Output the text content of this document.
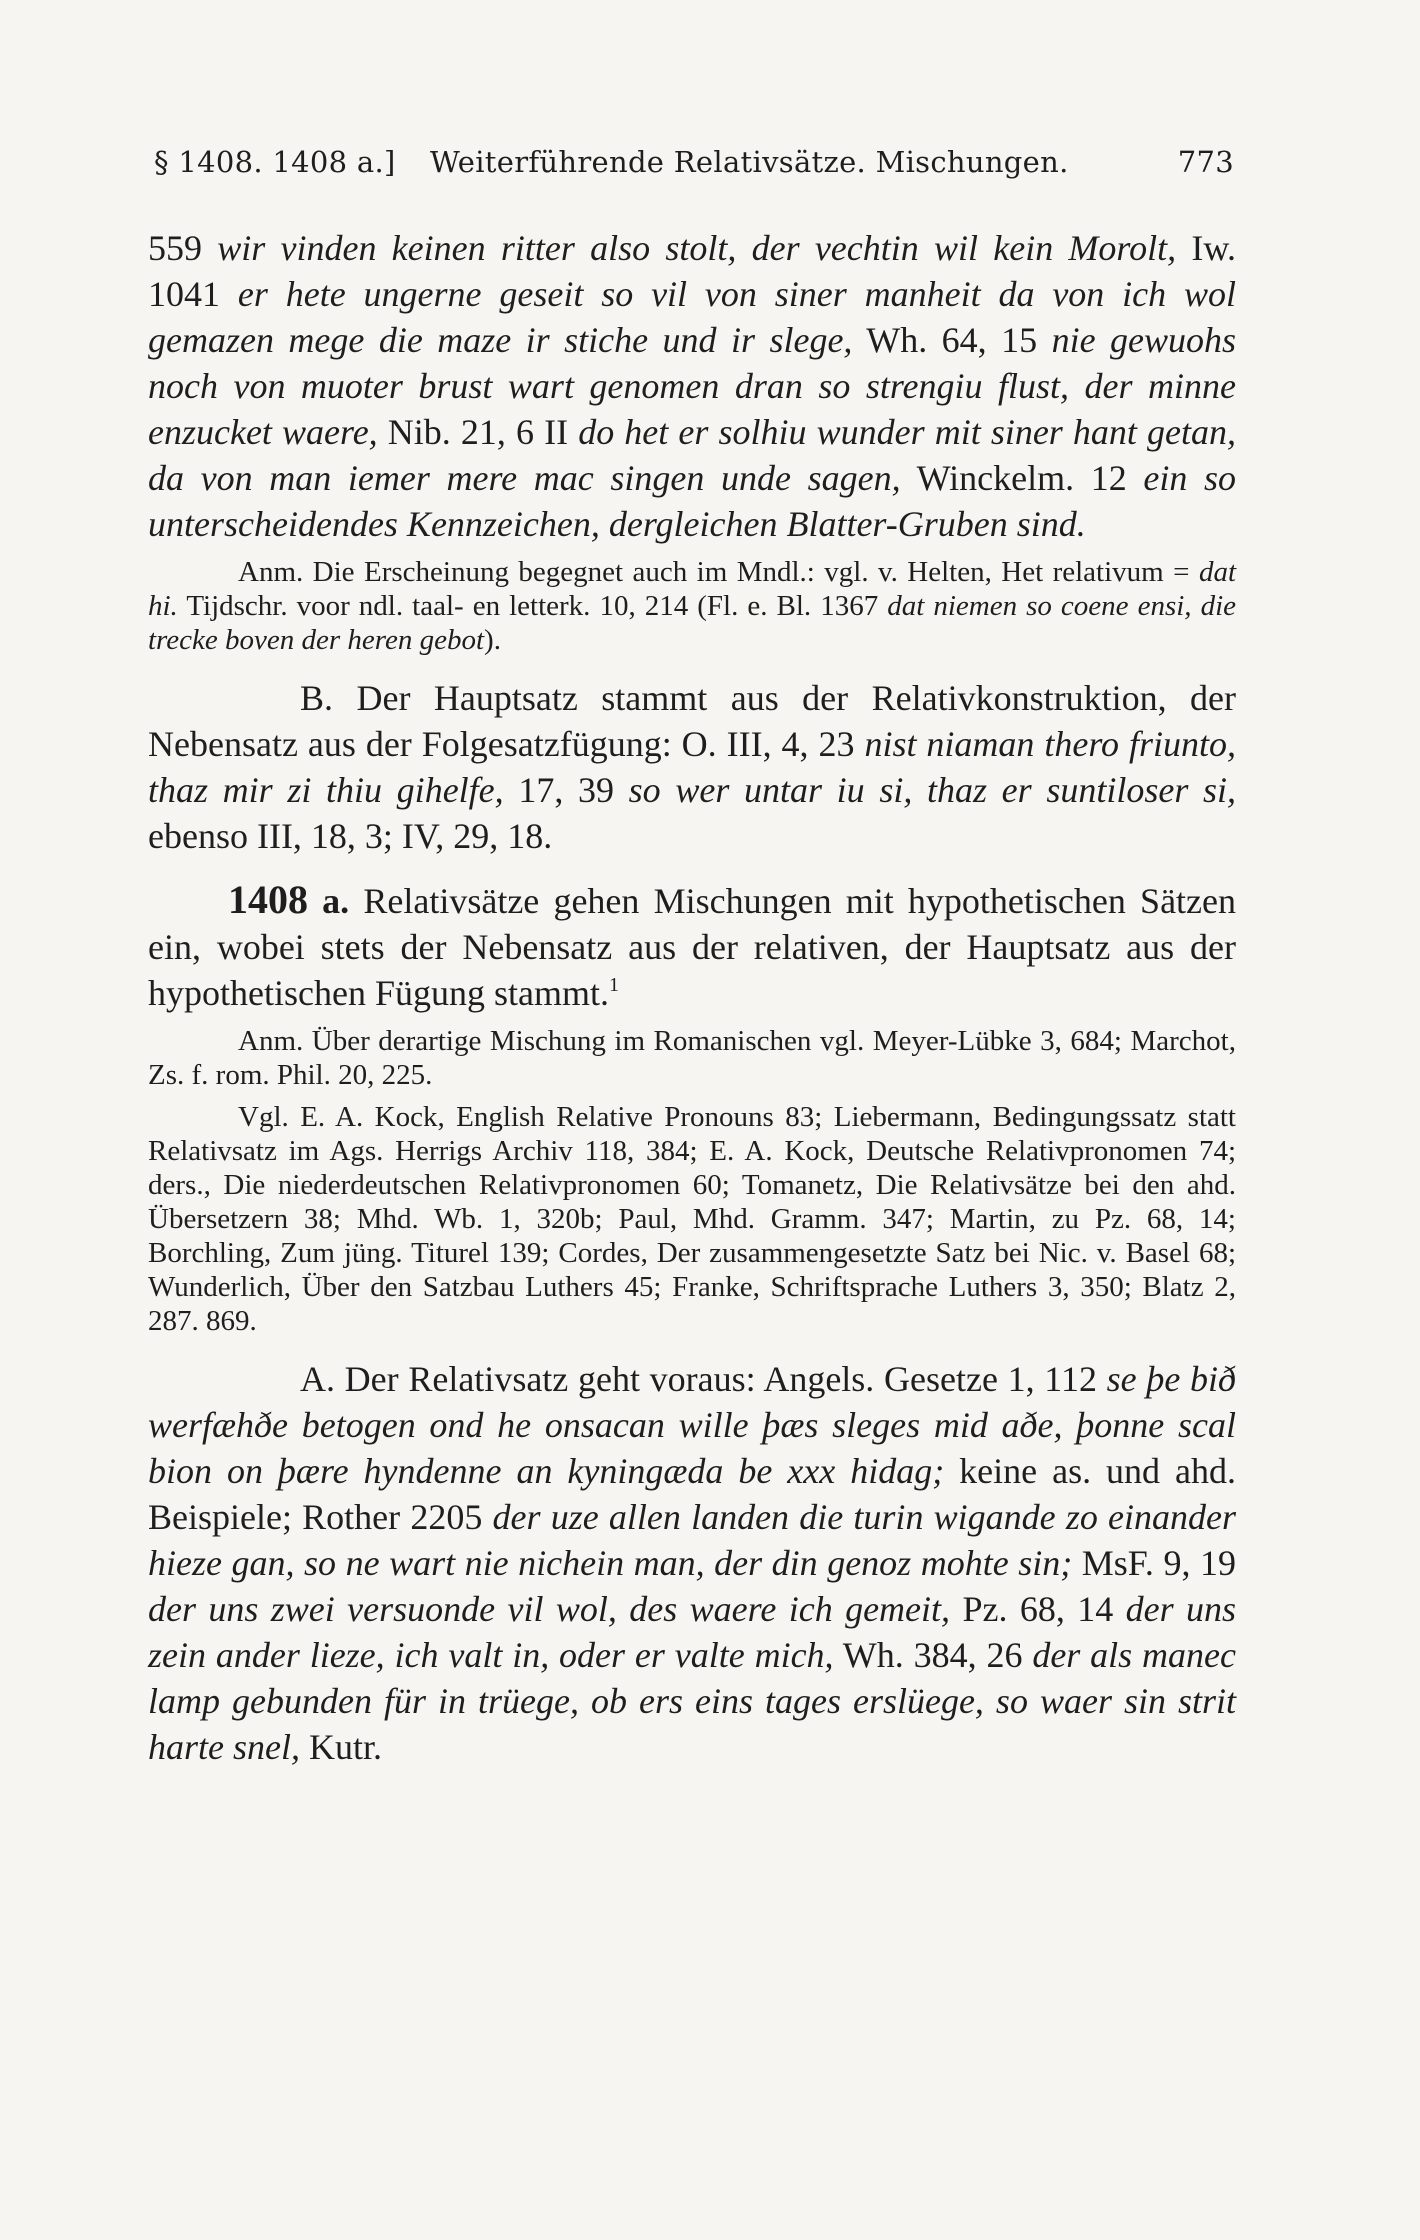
§ 1408. 1408 a.] Weiterführende Relativsätze. Mischungen.	773

559 wir vinden keinen ritter also stolt, der vechtin wil kein Morolt, Iw. 1041 er hete ungerne geseit so vil von siner manheit da von ich wol gemazen mege die maze ir stiche und ir slege, Wh. 64, 15 nie gewuohs noch von muoter brust wart genomen dran so strengiu flust, der minne enzucket waere, Nib. 21, 6 II do het er solhiu wunder mit siner hant getan, da von man iemer mere mac singen unde sagen, Winckelm. 12 ein so unterscheidendes Kennzeichen, dergleichen Blatter-Gruben sind.

Anm. Die Erscheinung begegnet auch im Mndl.: vgl. v. Helten, Het relativum = dat hi. Tijdschr. voor ndl. taal- en letterk. 10, 214 (Fl. e. Bl. 1367 dat niemen so coene ensi, die trecke boven der heren gebot).

B. Der Hauptsatz stammt aus der Relativkonstruktion, der Nebensatz aus der Folgesatzfügung: O. III, 4, 23 nist niaman thero friunto, thaz mir zi thiu gihelfe, 17, 39 so wer untar iu si, thaz er suntiloser si, ebenso III, 18, 3; IV, 29, 18.

1408 a. Relativsätze gehen Mischungen mit hypothetischen Sätzen ein, wobei stets der Nebensatz aus der relativen, der Hauptsatz aus der hypothetischen Fügung stammt.$^1$

Anm. Über derartige Mischung im Romanischen vgl. Meyer-Lübke 3, 684; Marchot, Zs. f. rom. Phil. 20, 225.

Vgl. E. A. Kock, English Relative Pronouns 83; Liebermann, Bedingungssatz statt Relativsatz im Ags. Herrigs Archiv 118, 384; E. A. Kock, Deutsche Relativpronomen 74; ders., Die niederdeutschen Relativpronomen 60; Tomanetz, Die Relativsätze bei den ahd. Übersetzern 38; Mhd. Wb. 1, 320b; Paul, Mhd. Gramm. 347; Martin, zu Pz. 68, 14; Borchling, Zum jüng. Titurel 139; Cordes, Der zusammengesetzte Satz bei Nic. v. Basel 68; Wunderlich, Über den Satzbau Luthers 45; Franke, Schriftsprache Luthers 3, 350; Blatz 2, 287. 869.

A. Der Relativsatz geht voraus: Angels. Gesetze 1, 112 se þe bið werfæhðe betogen ond he onsacan wille þæs sleges mid aðe, þonne scal bion on þære hyndenne an kyningæda be xxx hidag; keine as. und ahd. Beispiele; Rother 2205 der uze allen landen die turin wigande zo einander hieze gan, so ne wart nie nichein man, der din genoz mohte sin; MsF. 9, 19 der uns zwei versuonde vil wol, des waere ich gemeit, Pz. 68, 14 der uns zein ander lieze, ich valt in, oder er valte mich, Wh. 384, 26 der als manec lamp gebunden für in trüege, ob ers eins tages erslüege, so waer sin strit harte snel, Kutr.
